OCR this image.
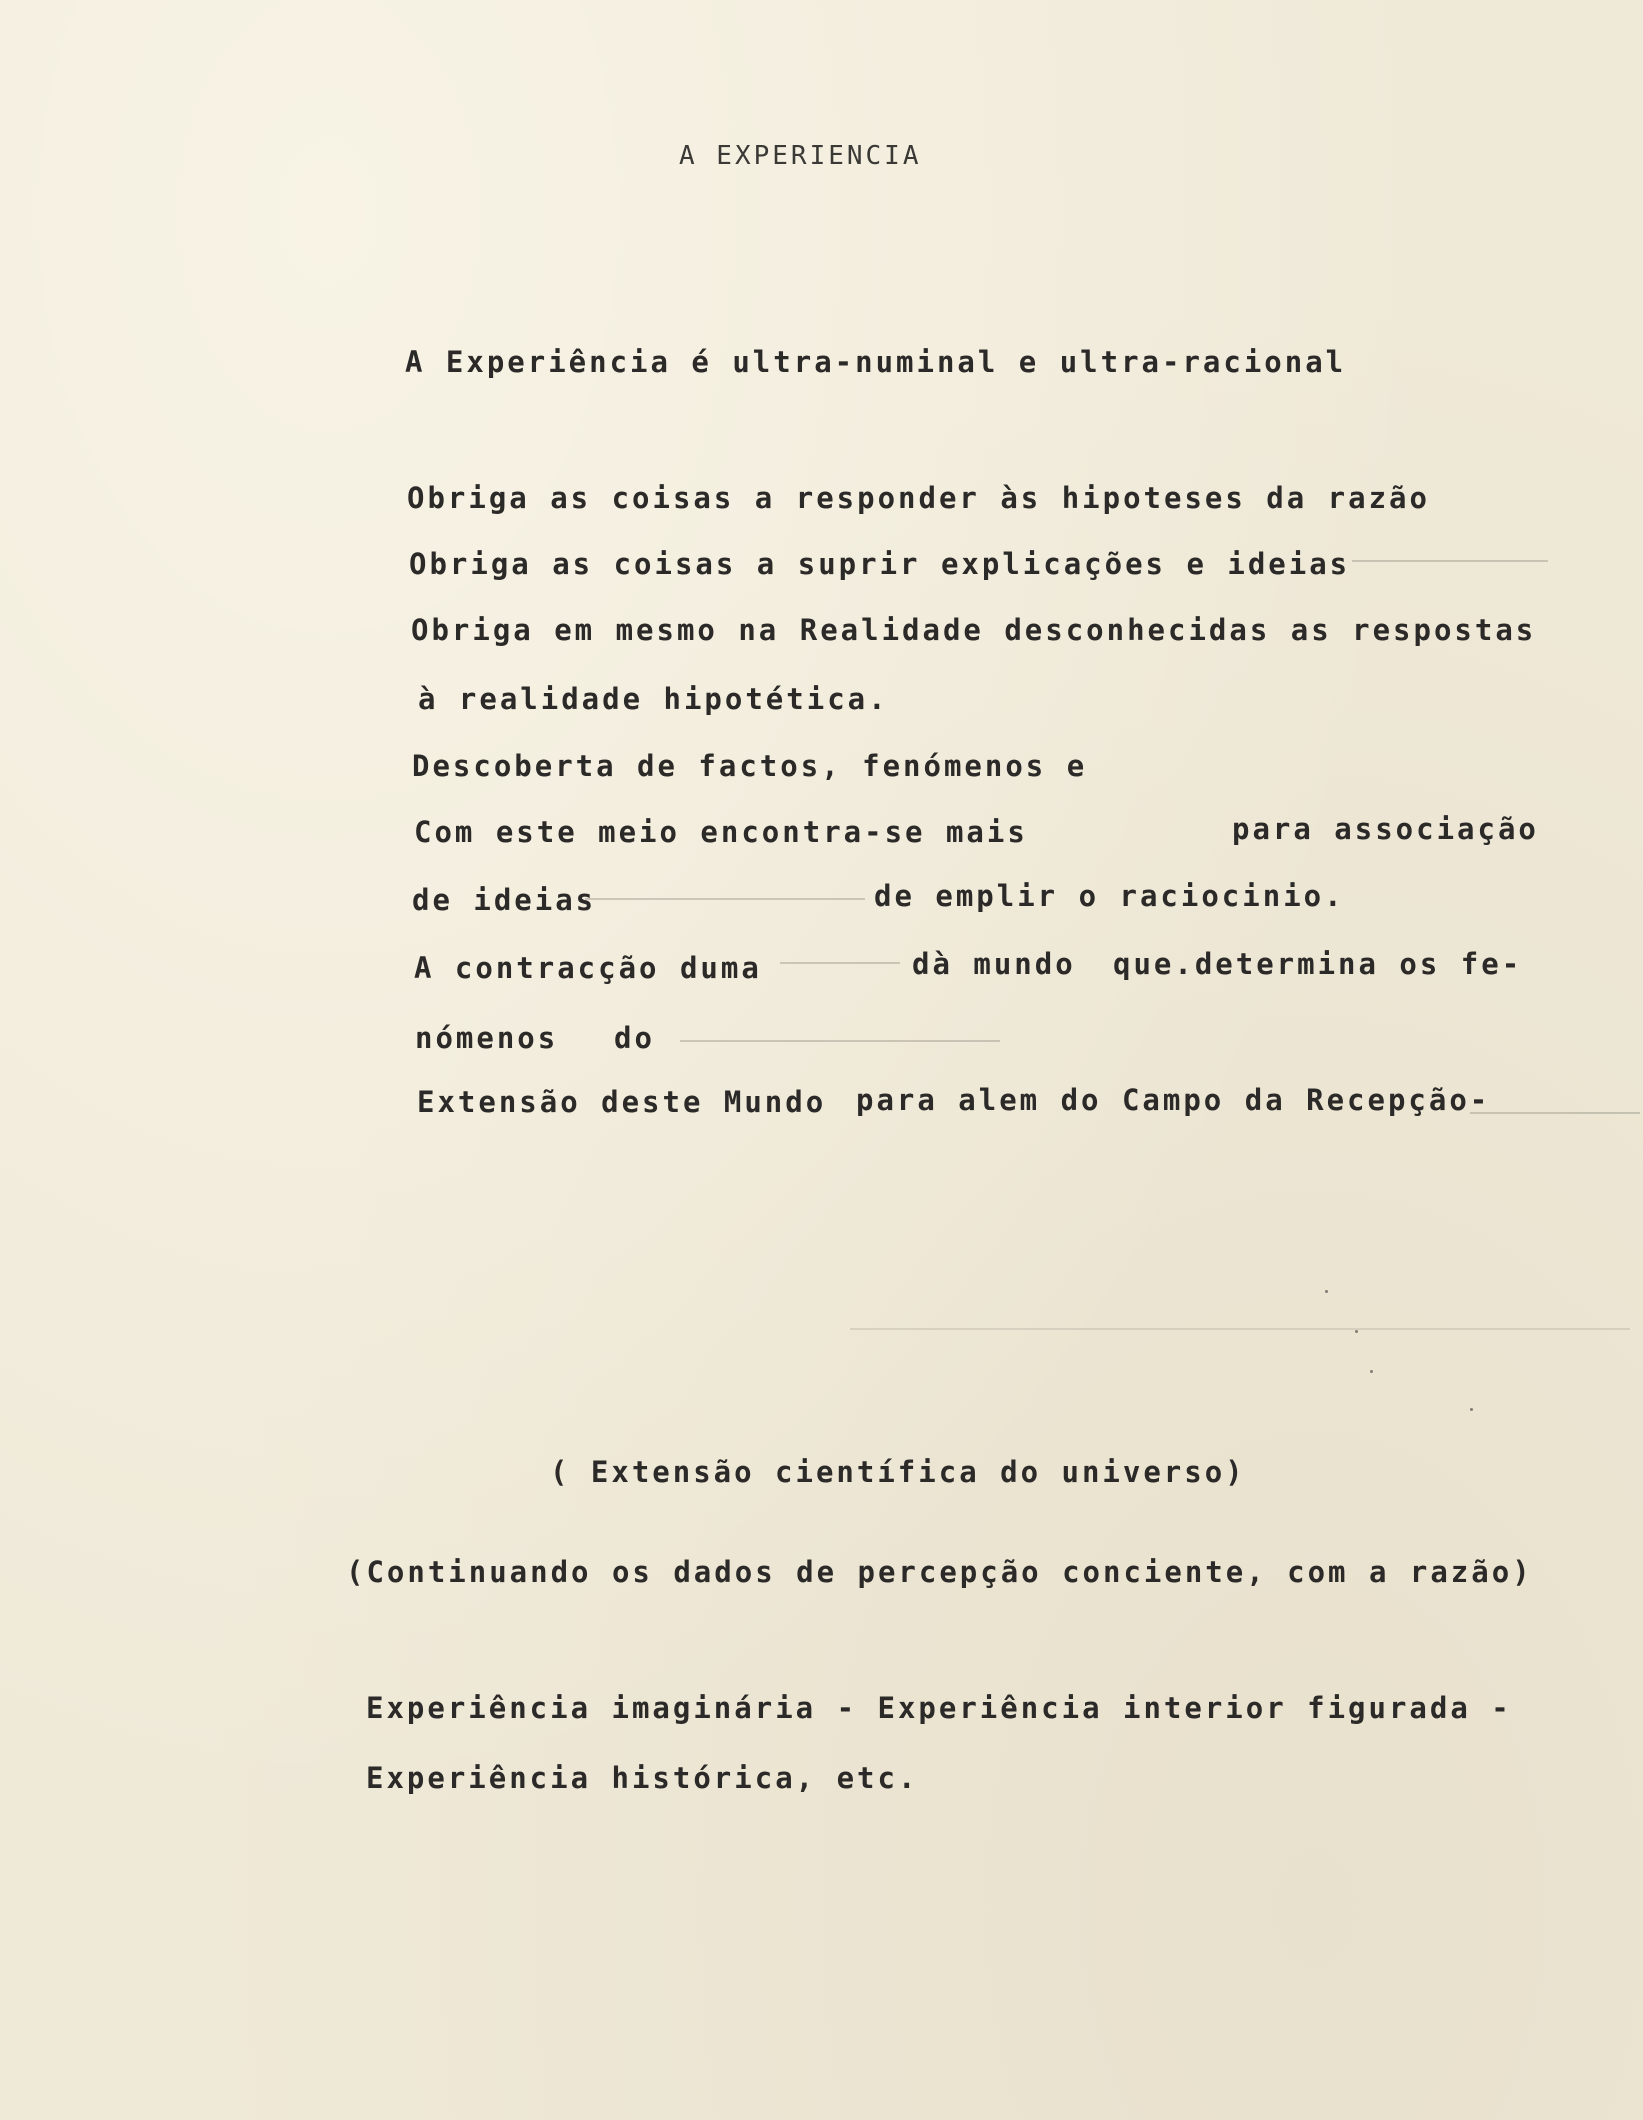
A EXPERIENCIA
A Experiência é ultra-numinal e ultra-racional
Obriga as coisas a responder às hipoteses da razão
Obriga as coisas a suprir explicações e ideias
Obriga em mesmo na Realidade desconhecidas as respostas
à realidade hipotética.
Descoberta de factos, fenómenos e
Com este meio encontra-se mais	para associação
de ideias	de emplir o raciocinio.
A contracção duma	dà mundo que.determina os fe-
nómenos do
Extensão deste Mundo para alem do Campo da Recepção-
( Extensão científica do universo)
(Continuando os dados de percepção conciente, com a razão)
Experiência imaginária - Experiência interior figurada -
Experiência histórica, etc.
